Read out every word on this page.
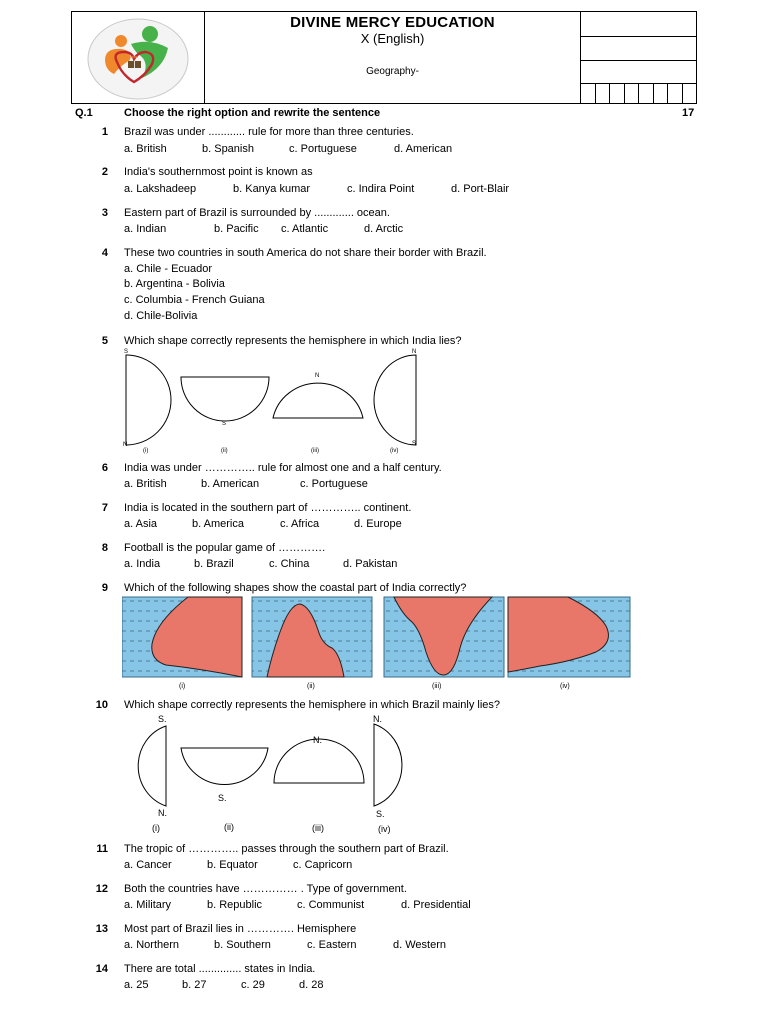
DIVINE MERCY EDUCATION
X (English)
Geography-
Q.1	Choose the right option and rewrite the sentence	17
1 Brazil was under ............ rule for more than three centuries.
a. British	b. Spanish	c. Portuguese	d. American
2 India's southernmost point is known as
a. Lakshadeep	b. Kanya kumar	c. Indira Point	d. Port-Blair
3 Eastern part of Brazil is surrounded by ............. ocean.
a. Indian	b. Pacific c. Atlantic	d. Arctic
4 These two countries in south America do not share their border with Brazil.
a. Chile - Ecuador
b. Argentina - Bolivia
c. Columbia - French Guiana
d. Chile-Bolivia
5 Which shape correctly represents the hemisphere in which India lies?
S
N
S
N
N
S
(i)	(ii)	(iii)	(iv)
6 India was under ………….. rule for almost one and a half century.
a. British	b. American	c. Portuguese
7 India is located in the southern part of ………….. continent.
a. Asia	b. America	c. Africa	d. Europe
8 Football is the popular game of ………….
a. India	b. Brazil	c. China	d. Pakistan
9 Which of the following shapes show the coastal part of India correctly?
(i)	(ii)	(iii)	(iv)
10 Which shape correctly represents the hemisphere in which Brazil mainly lies?
S.
N.
S.
N.
N.
S.
(i)	(ii)	(iii)	(iv)
11 The tropic of ………….. passes through the southern part of Brazil.
a. Cancer	b. Equator	c. Capricorn
12 Both the countries have …………… . Type of government.
a. Military	b. Republic	c. Communist	d. Presidential
13 Most part of Brazil lies in …………. Hemisphere
a. Northern	b. Southern	c. Eastern	d. Western
14 There are total .............. states in India.
a. 25	b. 27	c. 29	d. 28
